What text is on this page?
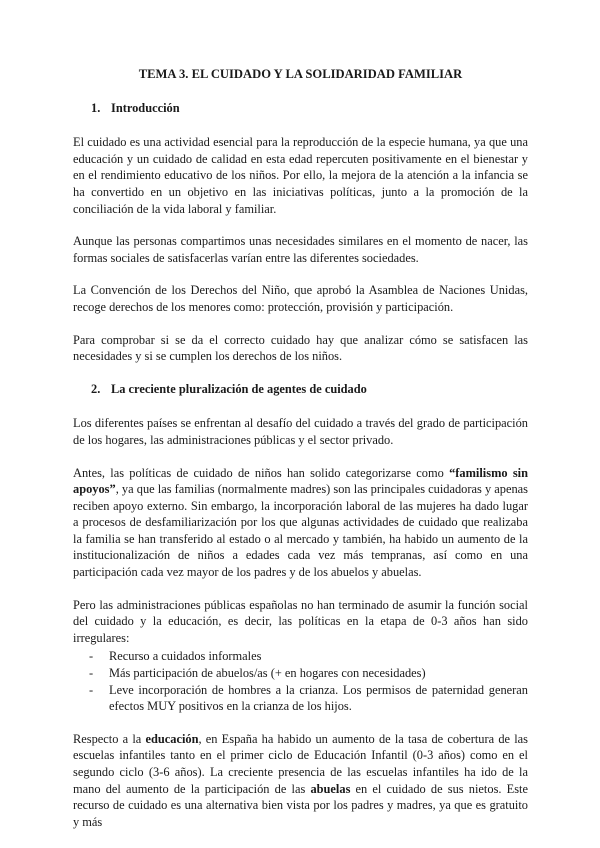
TEMA 3. EL CUIDADO Y LA SOLIDARIDAD FAMILIAR
1. Introducción

El cuidado es una actividad esencial para la reproducción de la especie humana, ya que una educación y un cuidado de calidad en esta edad repercuten positivamente en el bienestar y en el rendimiento educativo de los niños. Por ello, la mejora de la atención a la infancia se ha convertido en un objetivo en las iniciativas políticas, junto a la promoción de la conciliación de la vida laboral y familiar.

Aunque las personas compartimos unas necesidades similares en el momento de nacer, las formas sociales de satisfacerlas varían entre las diferentes sociedades.

La Convención de los Derechos del Niño, que aprobó la Asamblea de Naciones Unidas, recoge derechos de los menores como: protección, provisión y participación.

Para comprobar si se da el correcto cuidado hay que analizar cómo se satisfacen las necesidades y si se cumplen los derechos de los niños.

2. La creciente pluralización de agentes de cuidado

Los diferentes países se enfrentan al desafío del cuidado a través del grado de participación de los hogares, las administraciones públicas y el sector privado.

Antes, las políticas de cuidado de niños han solido categorizarse como “familismo sin apoyos”, ya que las familias (normalmente madres) son las principales cuidadoras y apenas reciben apoyo externo. Sin embargo, la incorporación laboral de las mujeres ha dado lugar a procesos de desfamiliarización por los que algunas actividades de cuidado que realizaba la familia se han transferido al estado o al mercado y también, ha habido un aumento de la institucionalización de niños a edades cada vez más tempranas, así como en una participación cada vez mayor de los padres y de los abuelos y abuelas.

Pero las administraciones públicas españolas no han terminado de asumir la función social del cuidado y la educación, es decir, las políticas en la etapa de 0-3 años han sido irregulares:

- Recurso a cuidados informales
- Más participación de abuelos/as (+ en hogares con necesidades)
- Leve incorporación de hombres a la crianza. Los permisos de paternidad generan efectos MUY positivos en la crianza de los hijos.

Respecto a la educación, en España ha habido un aumento de la tasa de cobertura de las escuelas infantiles tanto en el primer ciclo de Educación Infantil (0-3 años) como en el segundo ciclo (3-6 años). La creciente presencia de las escuelas infantiles ha ido de la mano del aumento de la participación de las abuelas en el cuidado de sus nietos. Este recurso de cuidado es una alternativa bien vista por los padres y madres, ya que es gratuito y más
